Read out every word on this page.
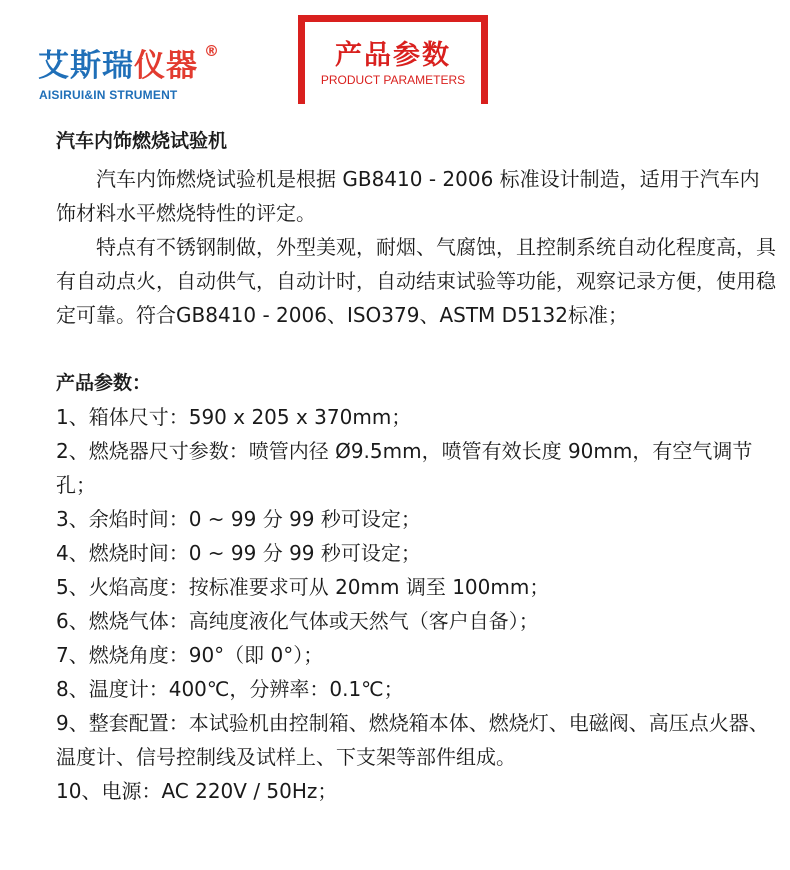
艾斯瑞仪器 ®
AISIRUI&IN STRUMENT
产品参数
PRODUCT PARAMETERS
汽车内饰燃烧试验机

　　汽车内饰燃烧试验机是根据 GB8410 - 2006 标准设计制造，适用于汽车内饰材料水平燃烧特性的评定。

　　特点有不锈钢制做，外型美观，耐烟、气腐蚀，且控制系统自动化程度高，具有自动点火，自动供气，自动计时，自动结束试验等功能，观察记录方便，使用稳定可靠。符合GB8410 - 2006、ISO379、ASTM D5132标准；

产品参数：
1、箱体尺寸：590 x 205 x 370mm；
2、燃烧器尺寸参数：喷管内径 Ø9.5mm，喷管有效长度 90mm，有空气调节孔；
3、余焰时间：0 ~ 99 分 99 秒可设定；
4、燃烧时间：0 ~ 99 分 99 秒可设定；
5、火焰高度：按标准要求可从 20mm 调至 100mm；
6、燃烧气体：高纯度液化气体或天然气（客户自备）；
7、燃烧角度：90°（即 0°）；
8、温度计：400℃，分辨率：0.1℃；
9、整套配置：本试验机由控制箱、燃烧箱本体、燃烧灯、电磁阀、高压点火器、温度计、信号控制线及试样上、下支架等部件组成。
10、电源：AC 220V / 50Hz；
